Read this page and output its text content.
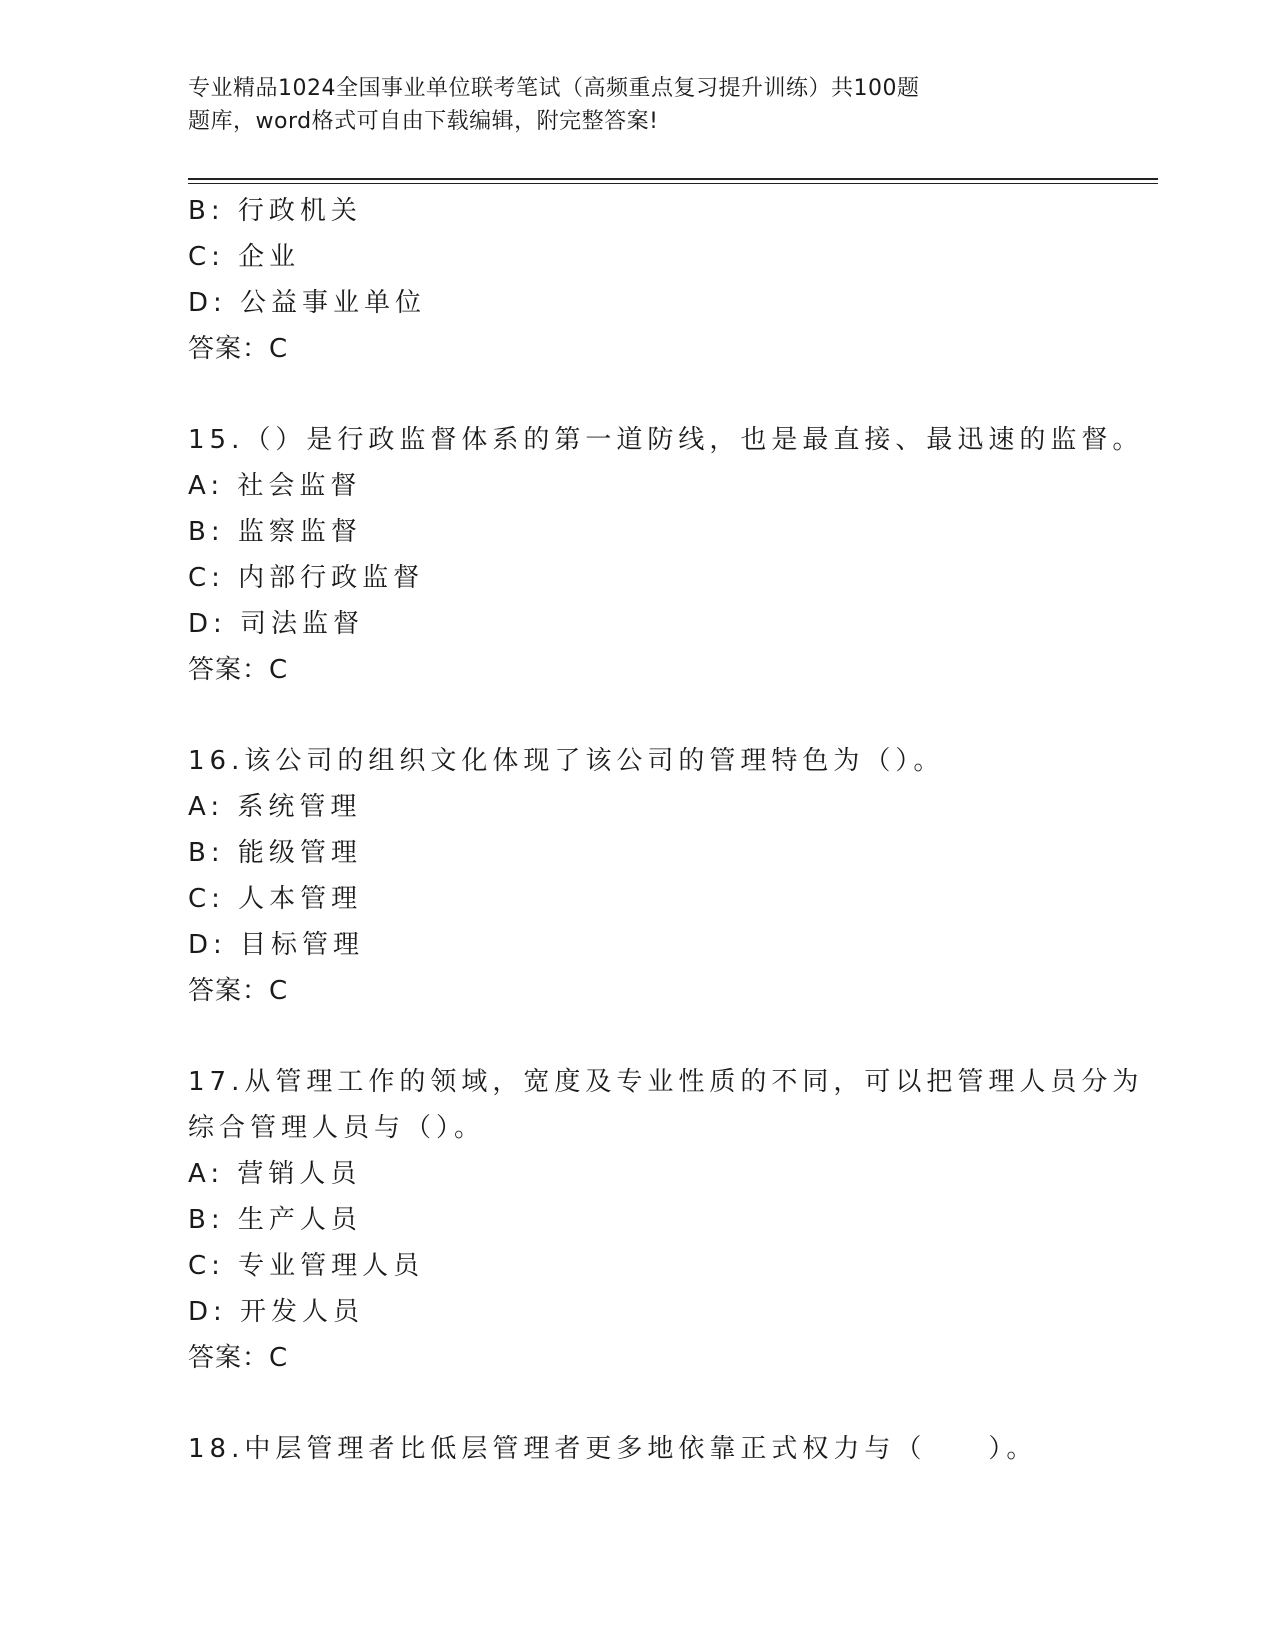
专业精品1024全国事业单位联考笔试（高频重点复习提升训练）共100题
题库，word格式可自由下载编辑，附完整答案!
B: 行政机关
C: 企业
D: 公益事业单位
答案：C
15.（）是行政监督体系的第一道防线，也是最直接、最迅速的监督。
A: 社会监督
B: 监察监督
C: 内部行政监督
D: 司法监督
答案：C
16.该公司的组织文化体现了该公司的管理特色为（）。
A: 系统管理
B: 能级管理
C: 人本管理
D: 目标管理
答案：C
17.从管理工作的领域，宽度及专业性质的不同，可以把管理人员分为
综合管理人员与（）。
A: 营销人员
B: 生产人员
C: 专业管理人员
D: 开发人员
答案：C
18.中层管理者比低层管理者更多地依靠正式权力与（　　）。
